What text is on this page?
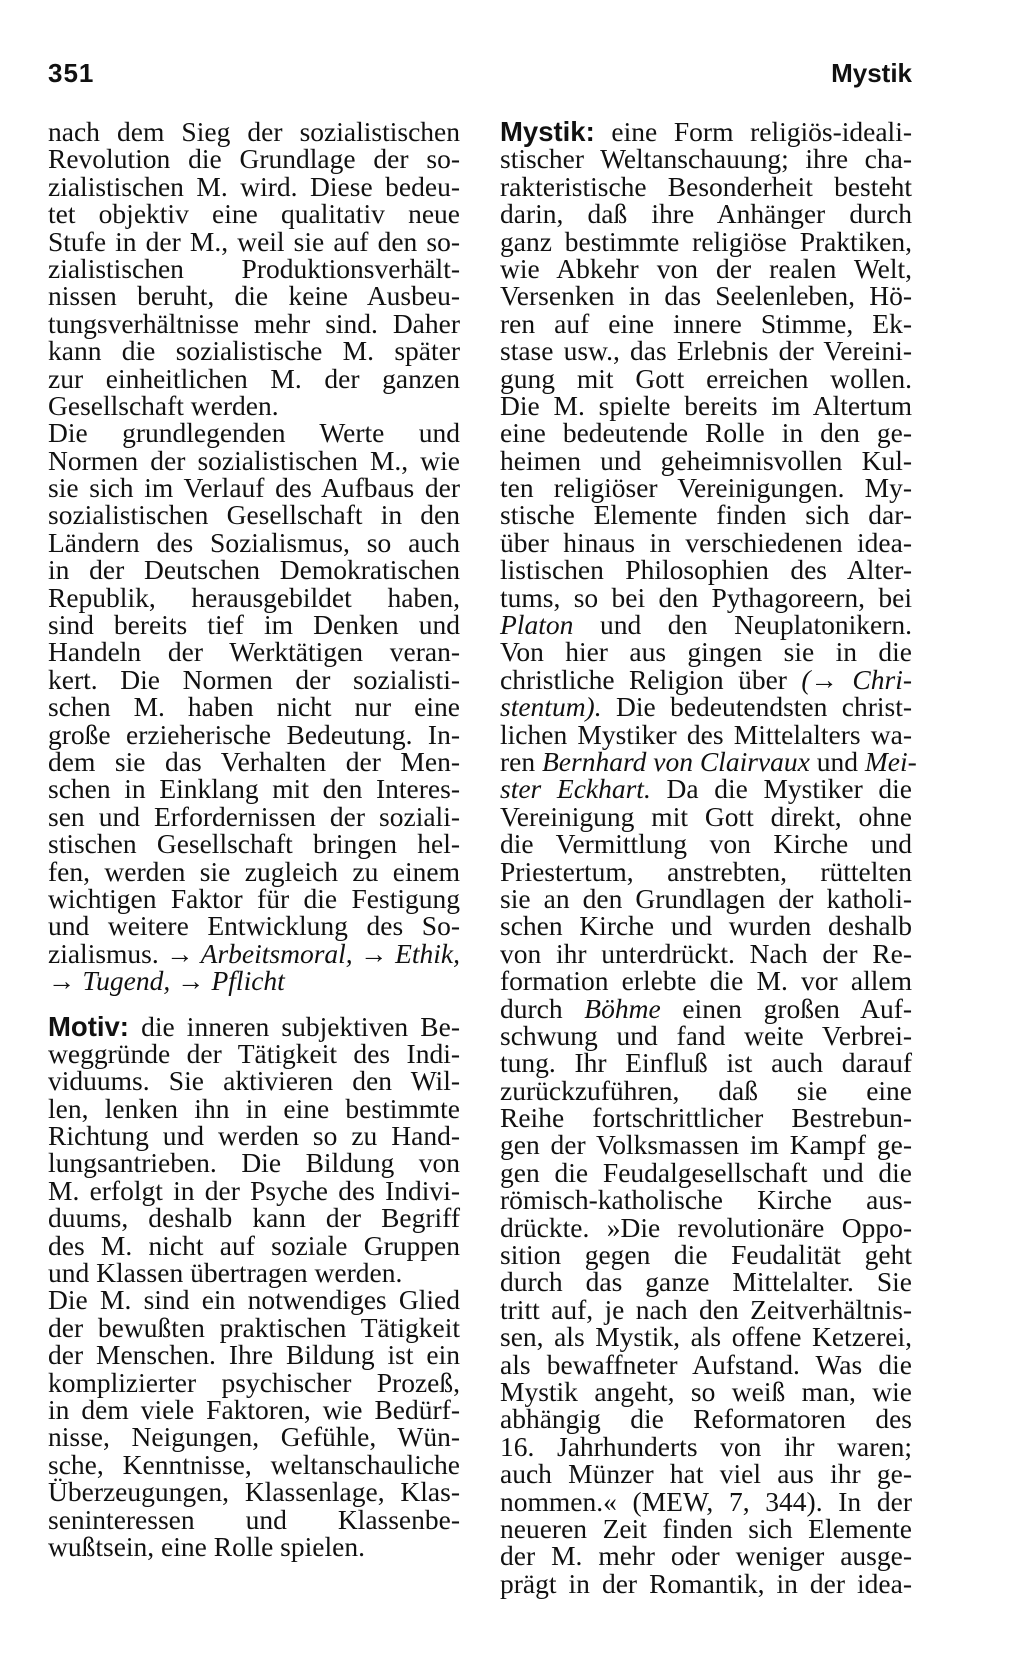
351	Mystik
nach dem Sieg der sozialistischen
Revolution die Grundlage der so-
zialistischen M. wird. Diese bedeu-
tet objektiv eine qualitativ neue
Stufe in der M., weil sie auf den so-
zialistischen Produktionsverhält-
nissen beruht, die keine Ausbeu-
tungsverhältnisse mehr sind. Daher
kann die sozialistische M. später
zur einheitlichen M. der ganzen
Gesellschaft werden.
Die grundlegenden Werte und
Normen der sozialistischen M., wie
sie sich im Verlauf des Aufbaus der
sozialistischen Gesellschaft in den
Ländern des Sozialismus, so auch
in der Deutschen Demokratischen
Republik, herausgebildet haben,
sind bereits tief im Denken und
Handeln der Werktätigen veran-
kert. Die Normen der sozialisti-
schen M. haben nicht nur eine
große erzieherische Bedeutung. In-
dem sie das Verhalten der Men-
schen in Einklang mit den Interes-
sen und Erfordernissen der soziali-
stischen Gesellschaft bringen hel-
fen, werden sie zugleich zu einem
wichtigen Faktor für die Festigung
und weitere Entwicklung des So-
zialismus. → Arbeitsmoral, → Ethik,
→ Tugend, → Pflicht
Motiv: die inneren subjektiven Be-
weggründe der Tätigkeit des Indi-
viduums. Sie aktivieren den Wil-
len, lenken ihn in eine bestimmte
Richtung und werden so zu Hand-
lungsantrieben. Die Bildung von
M. erfolgt in der Psyche des Indivi-
duums, deshalb kann der Begriff
des M. nicht auf soziale Gruppen
und Klassen übertragen werden.
Die M. sind ein notwendiges Glied
der bewußten praktischen Tätigkeit
der Menschen. Ihre Bildung ist ein
komplizierter psychischer Prozeß,
in dem viele Faktoren, wie Bedürf-
nisse, Neigungen, Gefühle, Wün-
sche, Kenntnisse, weltanschauliche
Überzeugungen, Klassenlage, Klas-
seninteressen und Klassenbe-
wußtsein, eine Rolle spielen.
Mystik: eine Form religiös-ideali-
stischer Weltanschauung; ihre cha-
rakteristische Besonderheit besteht
darin, daß ihre Anhänger durch
ganz bestimmte religiöse Praktiken,
wie Abkehr von der realen Welt,
Versenken in das Seelenleben, Hö-
ren auf eine innere Stimme, Ek-
stase usw., das Erlebnis der Vereini-
gung mit Gott erreichen wollen.
Die M. spielte bereits im Altertum
eine bedeutende Rolle in den ge-
heimen und geheimnisvollen Kul-
ten religiöser Vereinigungen. My-
stische Elemente finden sich dar-
über hinaus in verschiedenen idea-
listischen Philosophien des Alter-
tums, so bei den Pythagoreern, bei
Platon und den Neuplatonikern.
Von hier aus gingen sie in die
christliche Religion über (→ Chri-
stentum). Die bedeutendsten christ-
lichen Mystiker des Mittelalters wa-
ren Bernhard von Clairvaux und Mei-
ster Eckhart. Da die Mystiker die
Vereinigung mit Gott direkt, ohne
die Vermittlung von Kirche und
Priestertum, anstrebten, rüttelten
sie an den Grundlagen der katholi-
schen Kirche und wurden deshalb
von ihr unterdrückt. Nach der Re-
formation erlebte die M. vor allem
durch Böhme einen großen Auf-
schwung und fand weite Verbrei-
tung. Ihr Einfluß ist auch darauf
zurückzuführen, daß sie eine
Reihe fortschrittlicher Bestrebun-
gen der Volksmassen im Kampf ge-
gen die Feudalgesellschaft und die
römisch-katholische Kirche aus-
drückte. »Die revolutionäre Oppo-
sition gegen die Feudalität geht
durch das ganze Mittelalter. Sie
tritt auf, je nach den Zeitverhältnis-
sen, als Mystik, als offene Ketzerei,
als bewaffneter Aufstand. Was die
Mystik angeht, so weiß man, wie
abhängig die Reformatoren des
16. Jahrhunderts von ihr waren;
auch Münzer hat viel aus ihr ge-
nommen.« (MEW, 7, 344). In der
neueren Zeit finden sich Elemente
der M. mehr oder weniger ausge-
prägt in der Romantik, in der idea-
